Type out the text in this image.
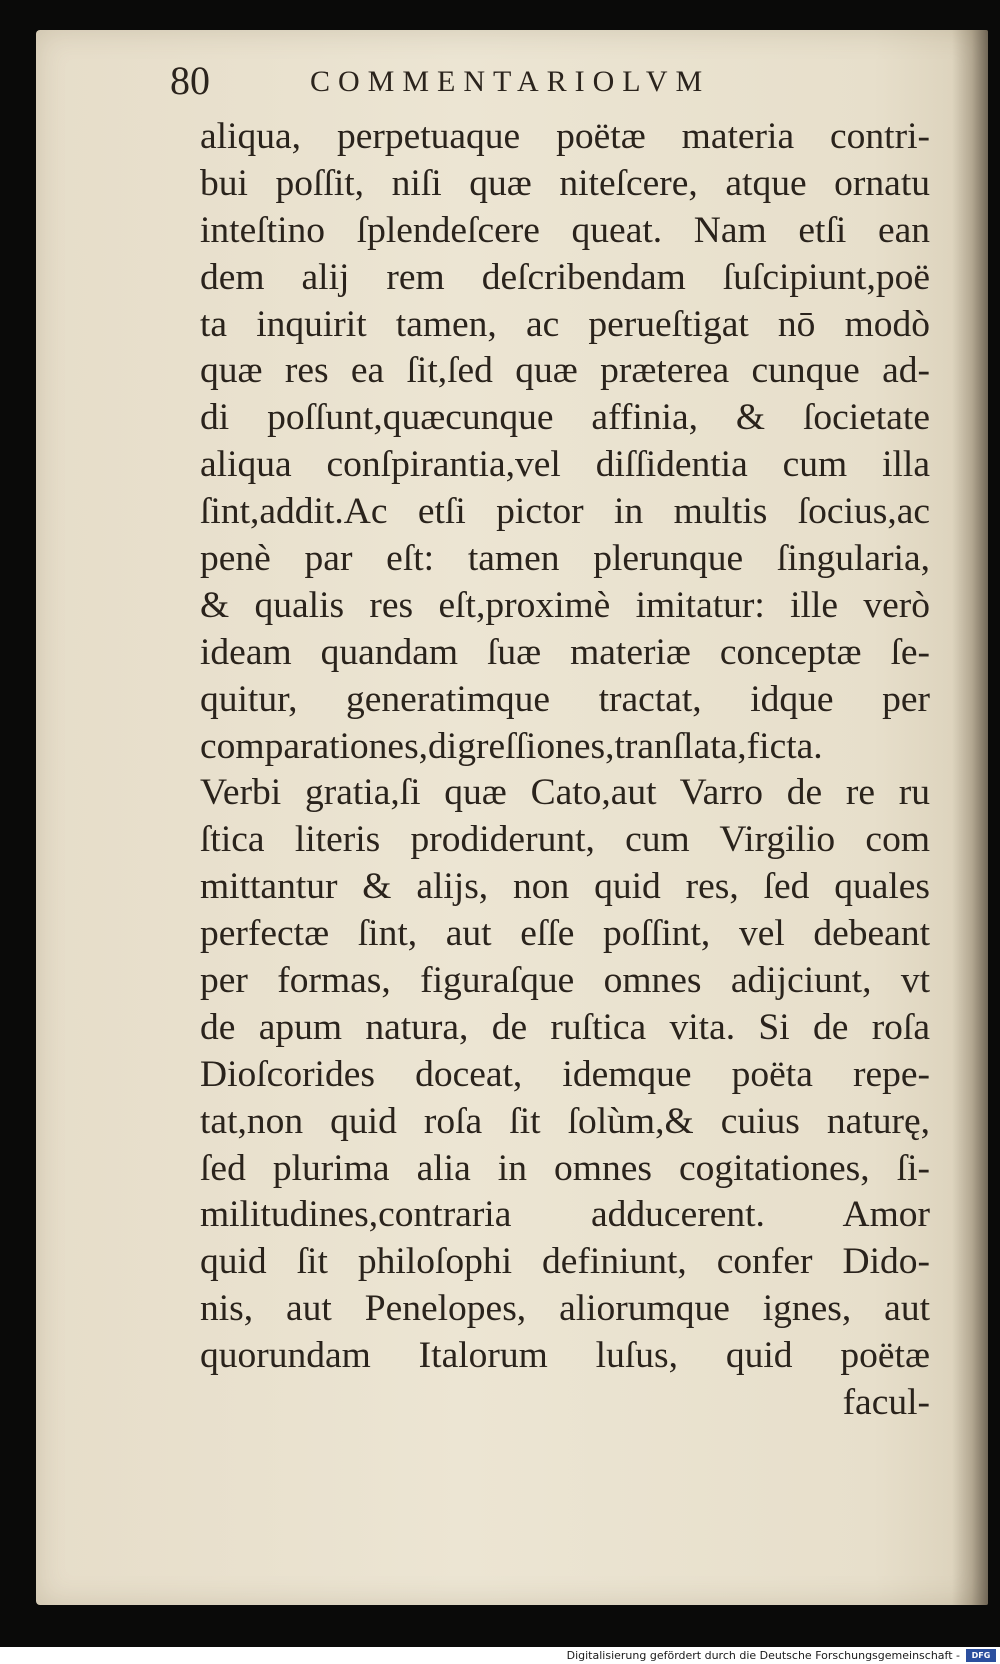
80	COMMENTARIOLVM
aliqua, perpetuaque poëtæ materia contri-
bui poſſit, niſi quæ niteſcere, atque ornatu
inteſtino ſplendeſcere queat. Nam etſi ean
dem alij rem deſcribendam ſuſcipiunt,poë
ta inquirit tamen, ac perueſtigat nō modò
quæ res ea ſit,ſed quæ præterea cunque ad-
di poſſunt,quæcunque affinia, & ſocietate
aliqua conſpirantia,vel diſſidentia cum illa
ſint,addit.Ac etſi pictor in multis ſocius,ac
penè par eſt: tamen plerunque ſingularia,
& qualis res eſt,proximè imitatur: ille verò
ideam quandam ſuæ materiæ conceptæ ſe-
quitur, generatimque tractat, idque per
comparationes,digreſſiones,tranſlata,ficta.
Verbi gratia,ſi quæ Cato,aut Varro de re ru
ſtica literis prodiderunt, cum Virgilio com
mittantur & alijs, non quid res, ſed quales
perfectæ ſint, aut eſſe poſſint, vel debeant
per formas, figuraſque omnes adijciunt, vt
de apum natura, de ruſtica vita. Si de roſa
Dioſcorides doceat, idemque poëta repe-
tat,non quid roſa ſit ſolùm,& cuius naturę,
ſed plurima alia in omnes cogitationes, ſi-
militudines,contraria adducerent. Amor
quid ſit philoſophi definiunt, confer Dido-
nis, aut Penelopes, aliorumque ignes, aut
quorundam Italorum luſus, quid poëtæ
facul-
Digitalisierung gefördert durch die Deutsche Forschungsgemeinschaft -	DFG
